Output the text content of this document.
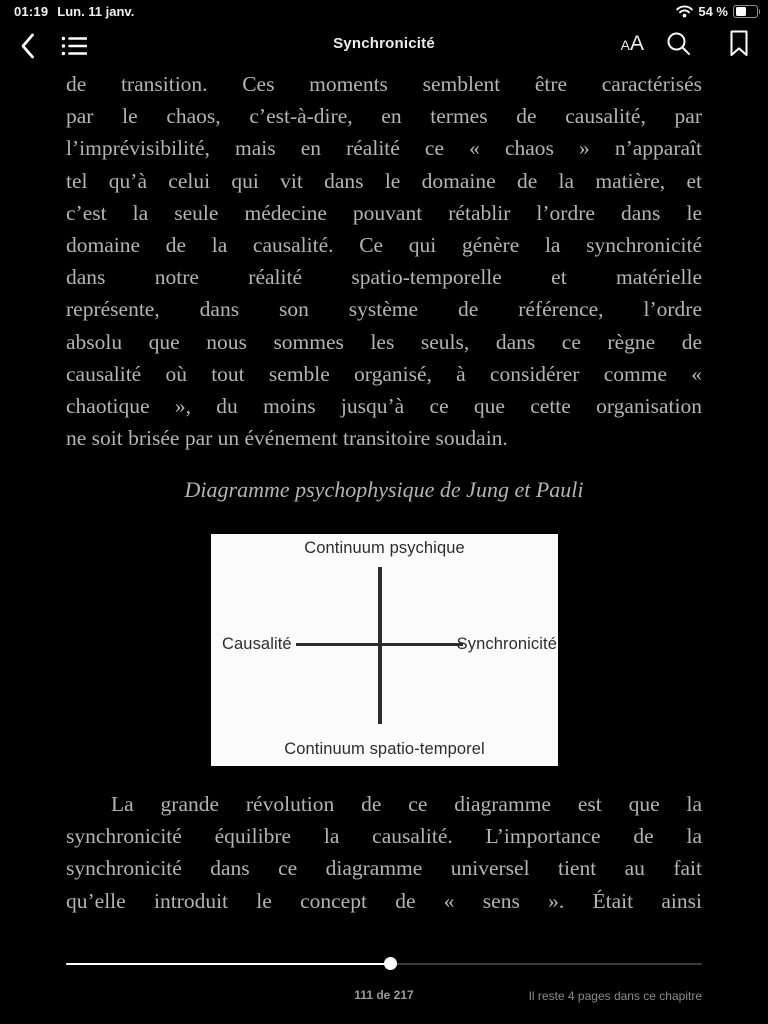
01:19 Lun. 11 janv.	54 %
Synchronicité	A A
de transition. Ces moments semblent être caractérisés
par le chaos, c’est-à-dire, en termes de causalité, par
l’imprévisibilité, mais en réalité ce « chaos » n’apparaît
tel qu’à celui qui vit dans le domaine de la matière, et
c’est la seule médecine pouvant rétablir l’ordre dans le
domaine de la causalité. Ce qui génère la synchronicité
dans notre réalité spatio-temporelle et matérielle
représente, dans son système de référence, l’ordre
absolu que nous sommes les seuls, dans ce règne de
causalité où tout semble organisé, à considérer comme «
chaotique », du moins jusqu’à ce que cette organisation
ne soit brisée par un événement transitoire soudain.
Diagramme psychophysique de Jung et Pauli
Continuum psychique
Causalité	Synchronicité
Continuum spatio-temporel
La grande révolution de ce diagramme est que la
synchronicité équilibre la causalité. L’importance de la
synchronicité dans ce diagramme universel tient au fait
qu’elle introduit le concept de « sens ». Était ainsi
111 de 217	Il reste 4 pages dans ce chapitre
